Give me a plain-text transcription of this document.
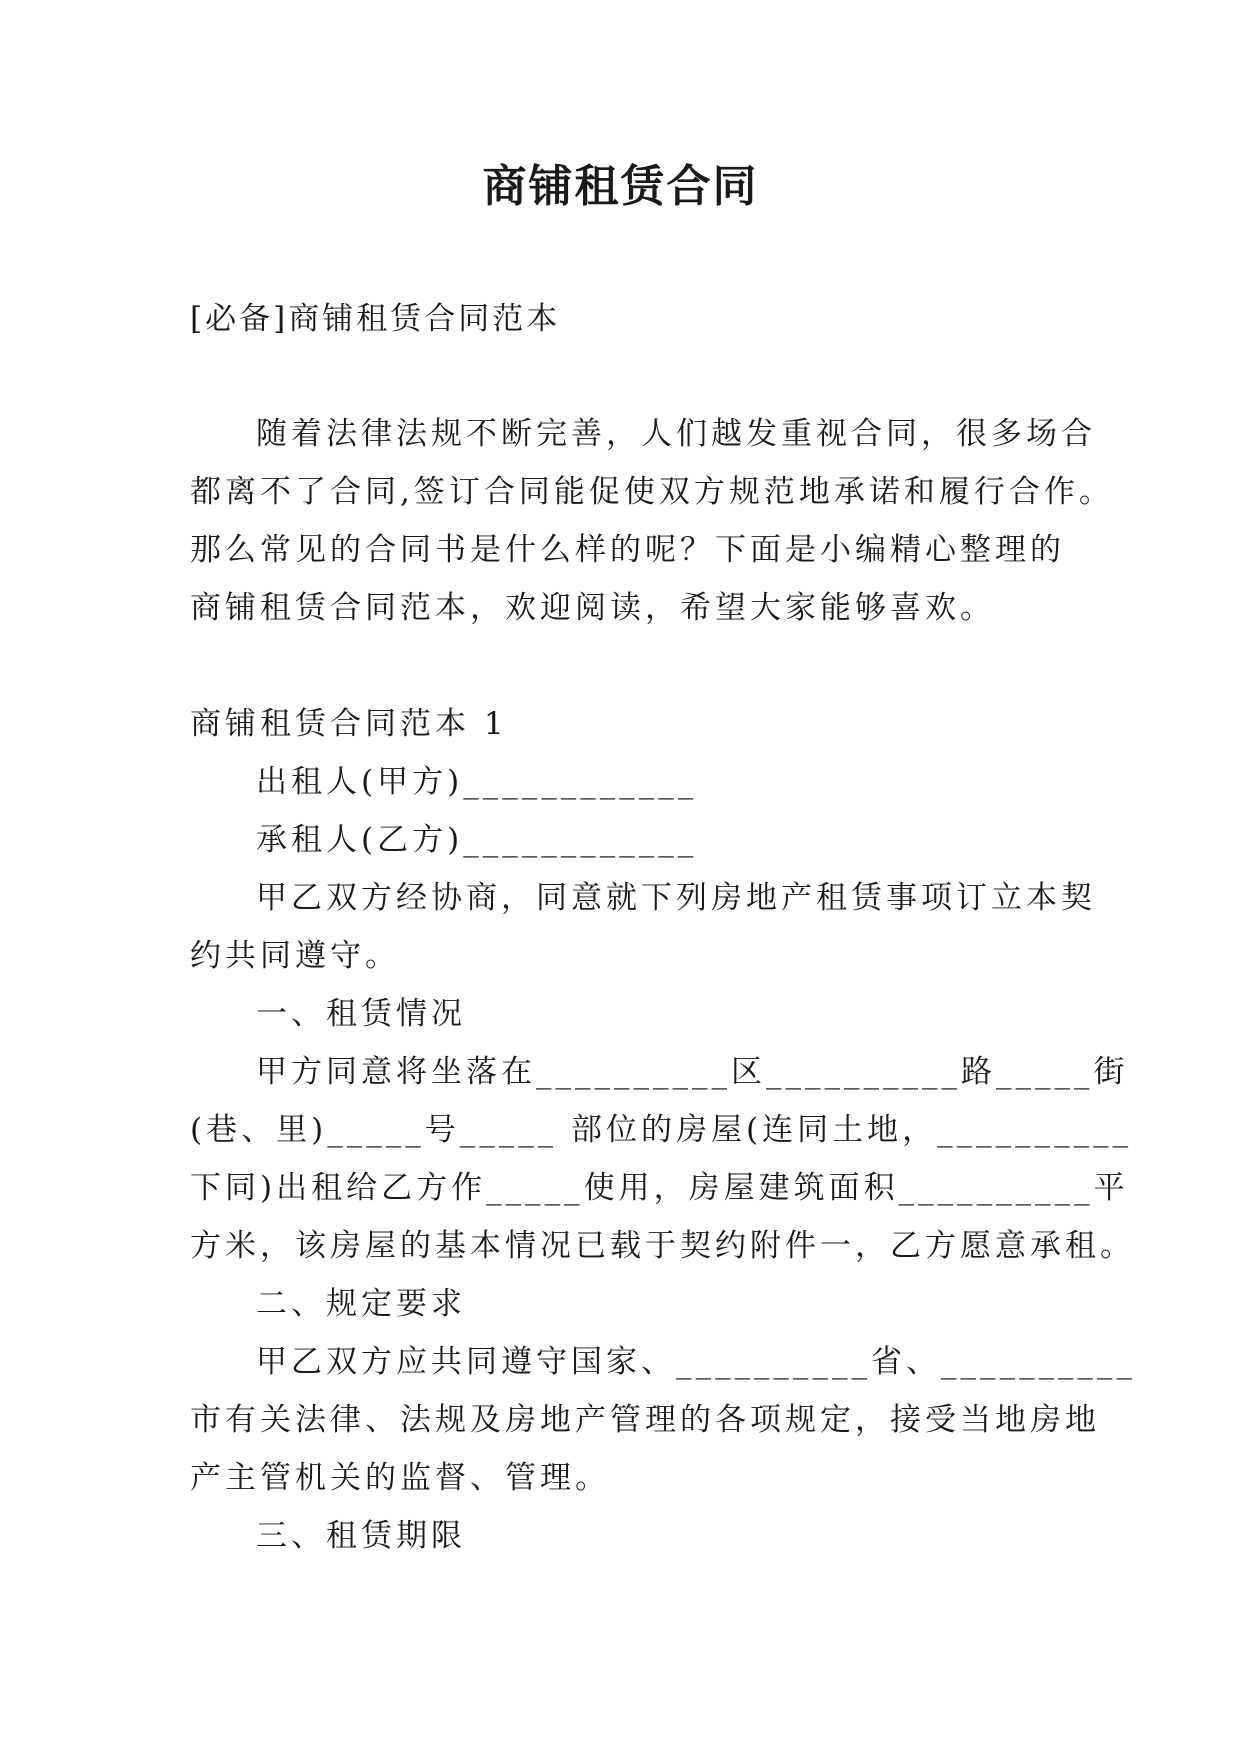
商铺租赁合同
[必备]商铺租赁合同范本
随着法律法规不断完善，人们越发重视合同，很多场合
都离不了合同,签订合同能促使双方规范地承诺和履行合作。
那么常见的合同书是什么样的呢？下面是小编精心整理的
商铺租赁合同范本，欢迎阅读，希望大家能够喜欢。
商铺租赁合同范本 1
出租人(甲方)____________
承租人(乙方)____________
甲乙双方经协商，同意就下列房地产租赁事项订立本契
约共同遵守。
一、租赁情况
甲方同意将坐落在__________区__________路_____街
(巷、里)_____号_____ 部位的房屋(连同土地，__________
下同)出租给乙方作_____使用，房屋建筑面积__________平
方米，该房屋的基本情况已载于契约附件一，乙方愿意承租。
二、规定要求
甲乙双方应共同遵守国家、__________省、__________
市有关法律、法规及房地产管理的各项规定，接受当地房地
产主管机关的监督、管理。
三、租赁期限
